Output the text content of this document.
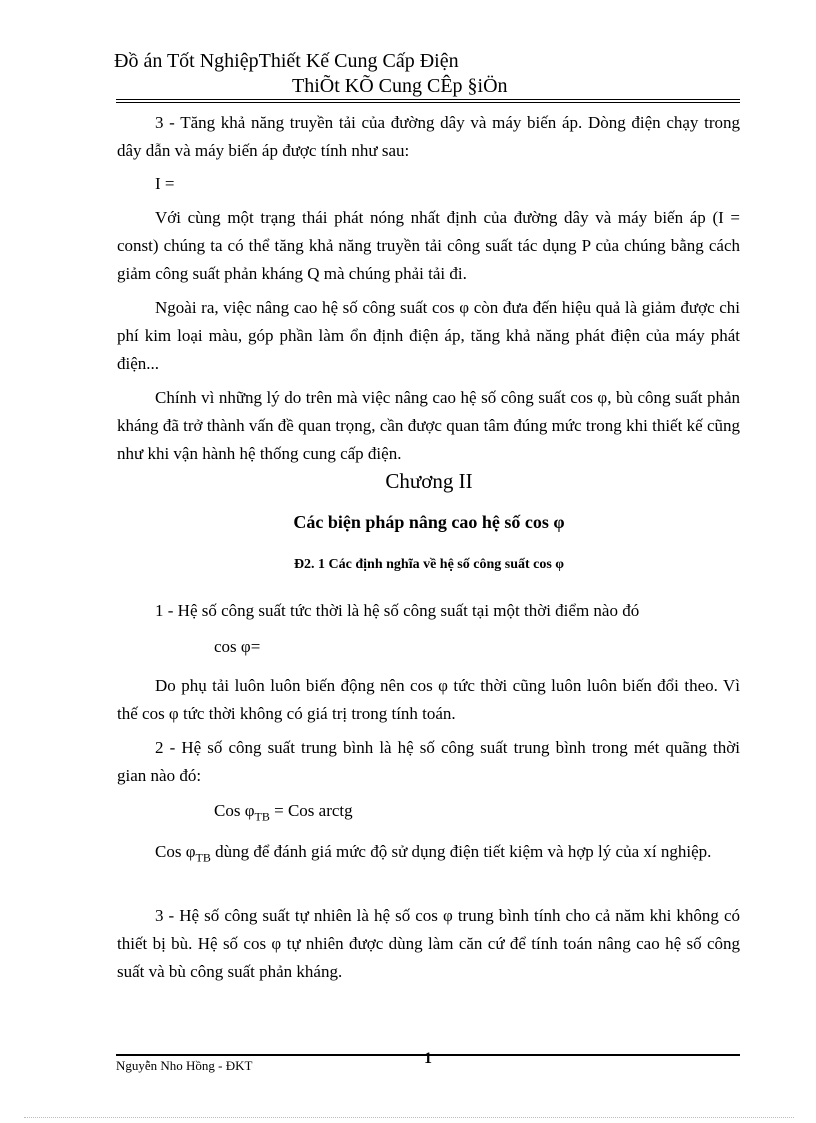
Đồ án Tốt NghiệpThiết Kế Cung Cấp Điện
ThiÕt KÕ Cung CÊp §iÖn

3 - Tăng khả năng truyền tải của đường dây và máy biến áp. Dòng điện chạy trong dây dẫn và máy biến áp được tính như sau:

I =

Với cùng một trạng thái phát nóng nhất định của đường dây và máy biến áp (I = const) chúng ta có thể tăng khả năng truyền tải công suất tác dụng P của chúng bằng cách giảm công suất phản kháng Q mà chúng phải tải đi.

Ngoài ra, việc nâng cao hệ số công suất cos φ còn đưa đến hiệu quả là giảm được chi phí kim loại màu, góp phần làm ổn định điện áp, tăng khả năng phát điện của máy phát điện...

Chính vì những lý do trên mà việc nâng cao hệ số công suất cos φ, bù công suất phản kháng đã trở thành vấn đề quan trọng, cần được quan tâm đúng mức trong khi thiết kế cũng như khi vận hành hệ thống cung cấp điện.

Chương II
Các biện pháp nâng cao hệ số cos φ
Đ2. 1 Các định nghĩa về hệ số công suất cos φ
1 - Hệ số công suất tức thời là hệ số công suất tại một thời điểm nào đó
cos φ=

Do phụ tải luôn luôn biến động nên cos φ tức thời cũng luôn luôn biến đổi theo. Vì thế cos φ tức thời không có giá trị trong tính toán.

2 - Hệ số công suất trung bình là hệ số công suất trung bình trong mét quãng thời gian nào đó:

Cos $\varphi_{TB}$ = Cos arctg

Cos $\varphi_{TB}$ dùng để đánh giá mức độ sử dụng điện tiết kiệm và hợp lý của xí nghiệp.

3 - Hệ số công suất tự nhiên là hệ số cos φ trung bình tính cho cả năm khi không có thiết bị bù. Hệ số cos φ tự nhiên được dùng làm căn cứ để tính toán nâng cao hệ số công suất và bù công suất phản kháng.

Nguyễn Nho Hồng - ĐKT	1
